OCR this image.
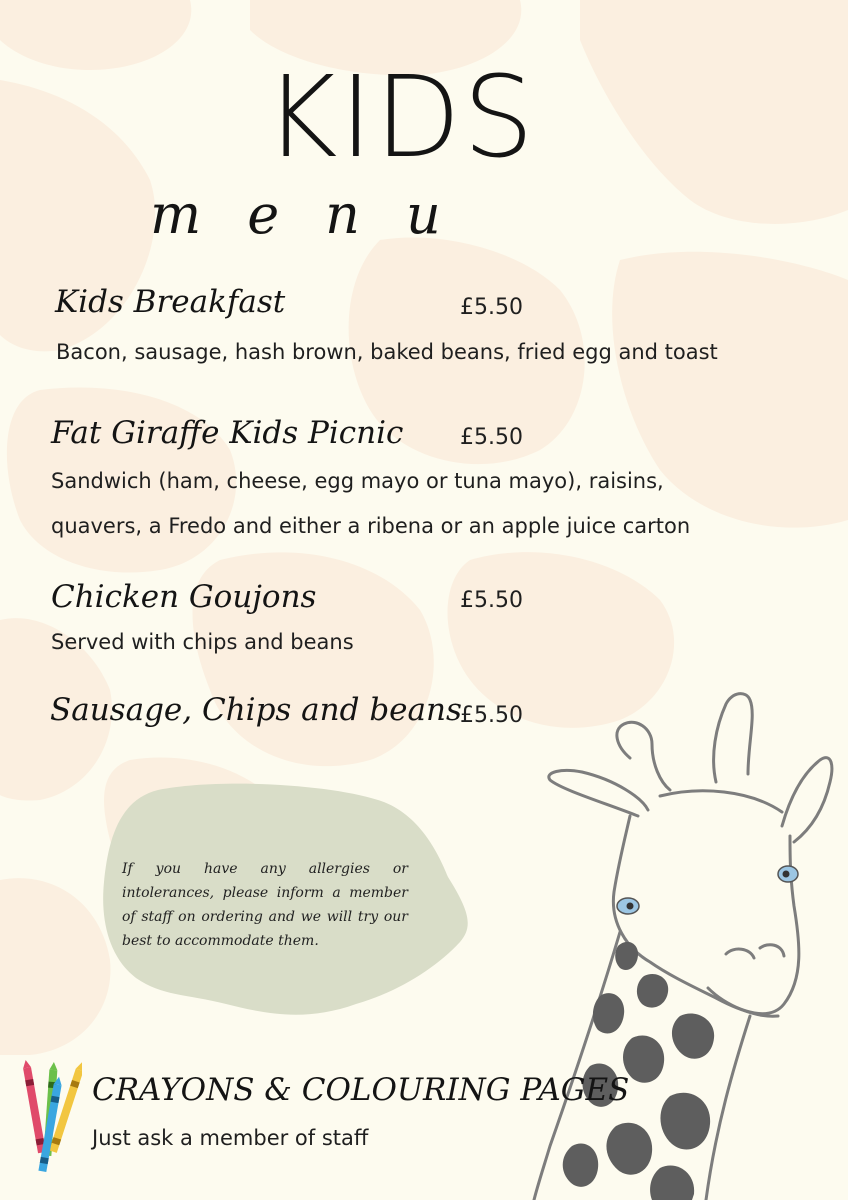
KIDS
menu
Kids Breakfast	£5.50
Bacon, sausage, hash brown, baked beans, fried egg and toast
Fat Giraffe Kids Picnic	£5.50
Sandwich (ham, cheese, egg mayo or tuna mayo), raisins,
quavers, a Fredo and either a ribena or an apple juice carton
Chicken Goujons	£5.50
Served with chips and beans
Sausage, Chips and beans
£5.50
If you have any allergies or intolerances, please inform a member of staff on ordering and we will try our best to accommodate them.
CRAYONS & COLOURING PAGES
Just ask a member of staff
